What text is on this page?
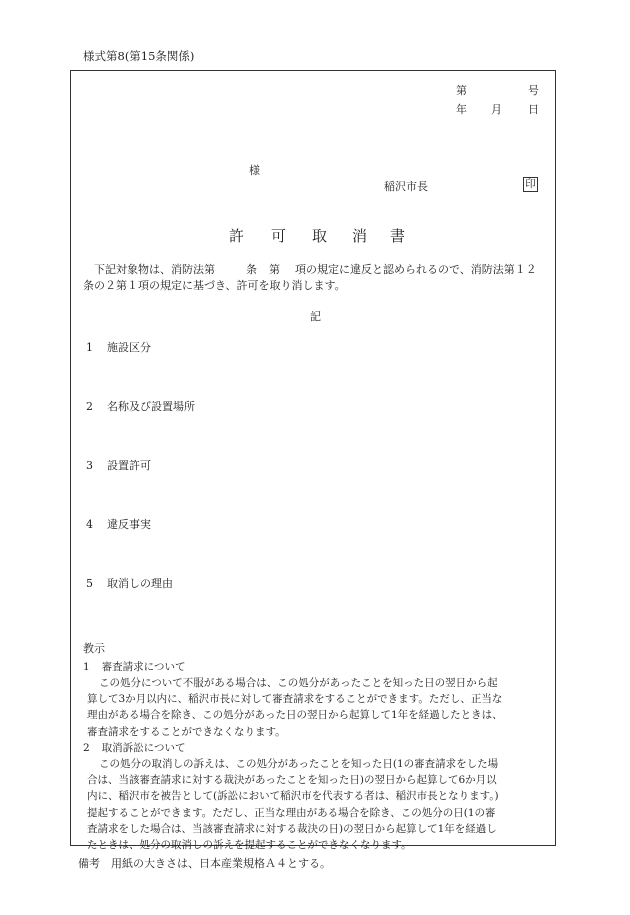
様式第8(第15条関係)
第	号
年 月 日
様
稲沢市長	印
許 可 取 消 書
下記対象物は、消防法第	条 第 項の規定に違反と認められるので、消防法第１２
条の２第１項の規定に基づき、許可を取り消します。
記
1 施設区分
2 名称及び設置場所
3 設置許可
4 違反事実
5 取消しの理由
教示
1 審査請求について
この処分について不服がある場合は、この処分があったことを知った日の翌日から起
算して3か月以内に、稲沢市長に対して審査請求をすることができます。ただし、正当な
理由がある場合を除き、この処分があった日の翌日から起算して1年を経過したときは、
審査請求をすることができなくなります。
2 取消訴訟について
この処分の取消しの訴えは、この処分があったことを知った日(1の審査請求をした場
合は、当該審査請求に対する裁決があったことを知った日)の翌日から起算して6か月以
内に、稲沢市を被告として(訴訟において稲沢市を代表する者は、稲沢市長となります。)
提起することができます。ただし、正当な理由がある場合を除き、この処分の日(1の審
査請求をした場合は、当該審査請求に対する裁決の日)の翌日から起算して1年を経過し
たときは、処分の取消しの訴えを提起することができなくなります。
備考　用紙の大きさは、日本産業規格Ａ４とする。
